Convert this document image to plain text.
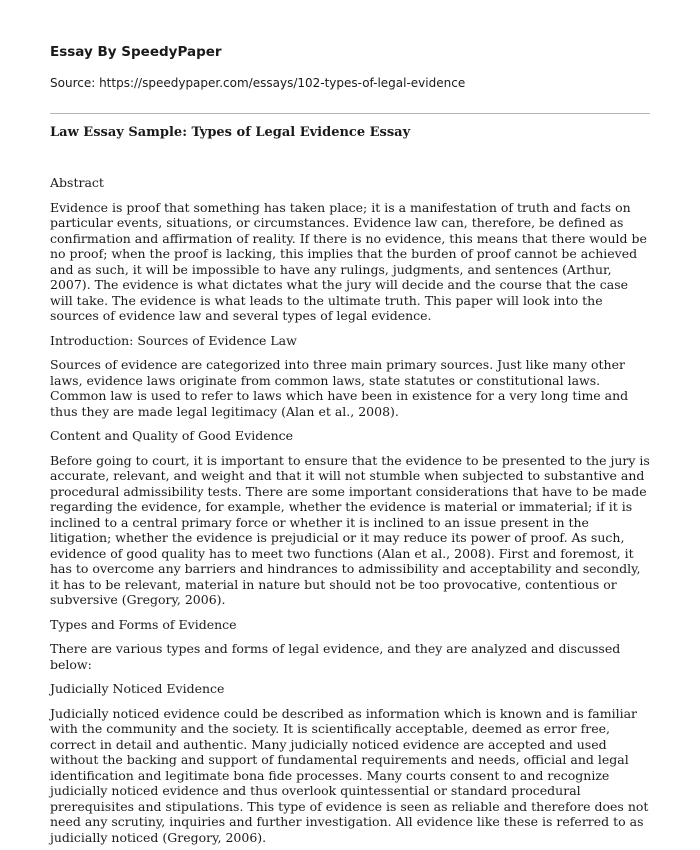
Essay By SpeedyPaper

Source: https://speedypaper.com/essays/102-types-of-legal-evidence

Law Essay Sample: Types of Legal Evidence Essay
Abstract

Evidence is proof that something has taken place; it is a manifestation of truth and facts on particular events, situations, or circumstances. Evidence law can, therefore, be defined as confirmation and affirmation of reality. If there is no evidence, this means that there would be no proof; when the proof is lacking, this implies that the burden of proof cannot be achieved and as such, it will be impossible to have any rulings, judgments, and sentences (Arthur, 2007). The evidence is what dictates what the jury will decide and the course that the case will take. The evidence is what leads to the ultimate truth. This paper will look into the sources of evidence law and several types of legal evidence.

Introduction: Sources of Evidence Law

Sources of evidence are categorized into three main primary sources. Just like many other laws, evidence laws originate from common laws, state statutes or constitutional laws. Common law is used to refer to laws which have been in existence for a very long time and thus they are made legal legitimacy (Alan et al., 2008).

Content and Quality of Good Evidence

Before going to court, it is important to ensure that the evidence to be presented to the jury is accurate, relevant, and weight and that it will not stumble when subjected to substantive and procedural admissibility tests. There are some important considerations that have to be made regarding the evidence, for example, whether the evidence is material or immaterial; if it is inclined to a central primary force or whether it is inclined to an issue present in the litigation; whether the evidence is prejudicial or it may reduce its power of proof. As such, evidence of good quality has to meet two functions (Alan et al., 2008). First and foremost, it has to overcome any barriers and hindrances to admissibility and acceptability and secondly, it has to be relevant, material in nature but should not be too provocative, contentious or subversive (Gregory, 2006).

Types and Forms of Evidence

There are various types and forms of legal evidence, and they are analyzed and discussed below:

Judicially Noticed Evidence

Judicially noticed evidence could be described as information which is known and is familiar with the community and the society. It is scientifically acceptable, deemed as error free, correct in detail and authentic. Many judicially noticed evidence are accepted and used without the backing and support of fundamental requirements and needs, official and legal identification and legitimate bona fide processes. Many courts consent to and recognize judicially noticed evidence and thus overlook quintessential or standard procedural prerequisites and stipulations. This type of evidence is seen as reliable and therefore does not need any scrutiny, inquiries and further investigation. All evidence like these is referred to as judicially noticed (Gregory, 2006).
